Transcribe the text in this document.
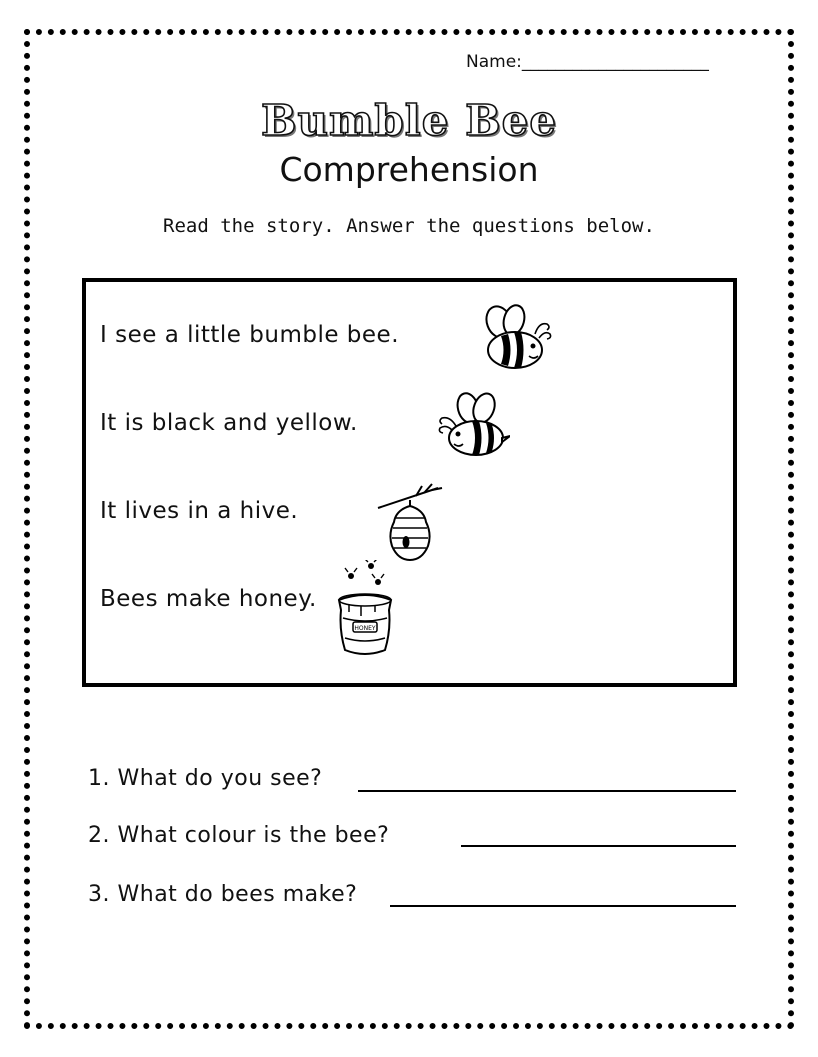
Name:______________________
Bumble Bee
Comprehension
Read the story. Answer the questions below.
I see a little bumble bee.
It is black and yellow.
It lives in a hive.
Bees make honey.
HONEY
1. What do you see?
2. What colour is the bee?
3. What do bees make?
